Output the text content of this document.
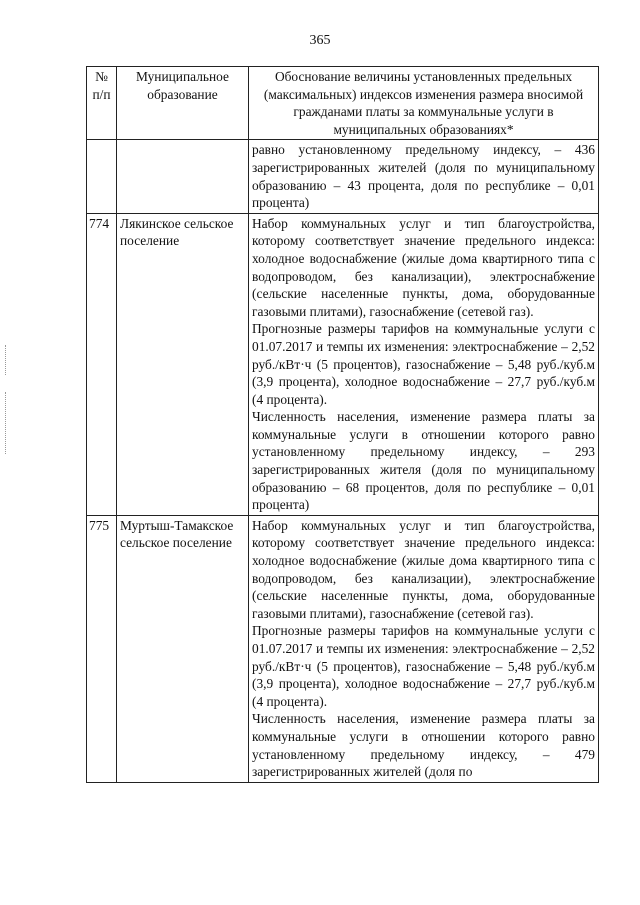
365
№ п/п	Муниципальное образование	Обоснование величины установленных предельных (максимальных) индексов изменения размера вносимой гражданами платы за коммунальные услуги в муниципальных образованиях*

		равно установленному предельному индексу, – 436 зарегистрированных жителей (доля по муниципальному образованию – 43 процента, доля по республике – 0,01 процента)

774	Лякинское сельское поселение	Набор коммунальных услуг и тип благоустройства, которому соответствует значение предельного индекса: холодное водоснабжение (жилые дома квартирного типа с водопроводом, без канализации), электроснабжение (сельские населенные пункты, дома, оборудованные газовыми плитами), газоснабжение (сетевой газ).

Прогнозные размеры тарифов на коммунальные услуги с 01.07.2017 и темпы их изменения: электроснабжение – 2,52 руб./кВт·ч (5 процентов), газоснабжение – 5,48 руб./куб.м (3,9 процента), холодное водоснабжение – 27,7 руб./куб.м (4 процента).

Численность населения, изменение размера платы за коммунальные услуги в отношении которого равно установленному предельному индексу, – 293 зарегистрированных жителя (доля по муниципальному образованию – 68 процентов, доля по республике – 0,01 процента)

775	Муртыш-Тамакское сельское поселение	Набор коммунальных услуг и тип благоустройства, которому соответствует значение предельного индекса: холодное водоснабжение (жилые дома квартирного типа с водопроводом, без канализации), электроснабжение (сельские населенные пункты, дома, оборудованные газовыми плитами), газоснабжение (сетевой газ).

Прогнозные размеры тарифов на коммунальные услуги с 01.07.2017 и темпы их изменения: электроснабжение – 2,52 руб./кВт·ч (5 процентов), газоснабжение – 5,48 руб./куб.м (3,9 процента), холодное водоснабжение – 27,7 руб./куб.м (4 процента).

Численность населения, изменение размера платы за коммунальные услуги в отношении которого равно установленному предельному индексу, – 479 зарегистрированных жителей (доля по
